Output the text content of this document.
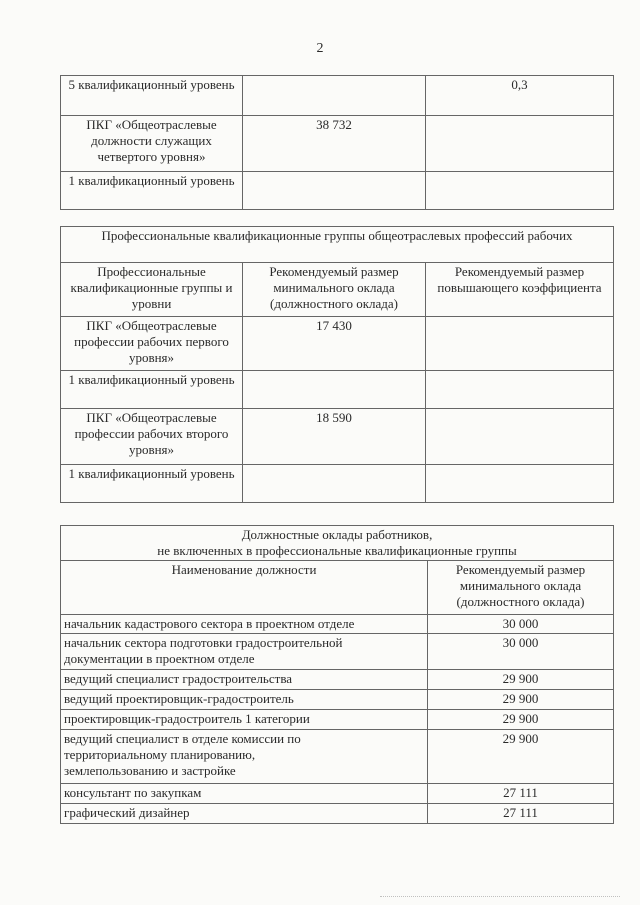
2
5 квалификационный уровень		0,3
ПКГ «Общеотраслевые должности служащих четвертого уровня»	38 732	
1 квалификационный уровень		
Профессиональные квалификационные группы общеотраслевых профессий рабочих		
Профессиональные квалификационные группы и уровни	Рекомендуемый размер минимального оклада (должностного оклада)	Рекомендуемый размер повышающего коэффициента
ПКГ «Общеотраслевые профессии рабочих первого уровня»	17 430	
1 квалификационный уровень		
ПКГ «Общеотраслевые профессии рабочих второго уровня»	18 590	
1 квалификационный уровень		
Должностные оклады работников,
не включенных в профессиональные квалификационные группы	

Наименование должности	Рекомендуемый размер минимального оклада (должностного оклада)
начальник кадастрового сектора в проектном отделе	30 000
начальник сектора подготовки градостроительной документации в проектном отделе	30 000
ведущий специалист градостроительства	29 900
ведущий проектировщик-градостроитель	29 900
проектировщик-градостроитель 1 категории	29 900

ведущий специалист в отделе комиссии по территориальному планированию, землепользованию и застройке	29 900
консультант по закупкам	27 111
графический дизайнер	27 111
